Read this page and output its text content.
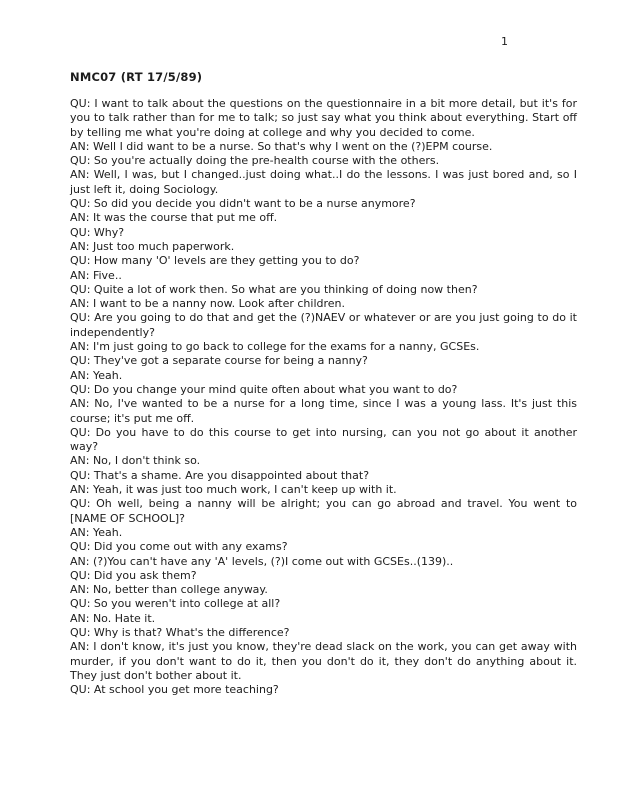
1
NMC07 (RT 17/5/89)

QU: I want to talk about the questions on the questionnaire in a bit more detail, but it's for you to talk rather than for me to talk; so just say what you think about everything. Start off by telling me what you're doing at college and why you decided to come.

AN: Well I did want to be a nurse. So that's why I went on the (?)EPM course.

QU: So you're actually doing the pre-health course with the others.

AN: Well, I was, but I changed..just doing what..I do the lessons. I was just bored and, so I just left it, doing Sociology.

QU: So did you decide you didn't want to be a nurse anymore?

AN: It was the course that put me off.

QU: Why?

AN: Just too much paperwork.

QU: How many 'O' levels are they getting you to do?

AN: Five..

QU: Quite a lot of work then. So what are you thinking of doing now then?

AN: I want to be a nanny now. Look after children.

QU: Are you going to do that and get the (?)NAEV or whatever or are you just going to do it independently?

AN: I'm just going to go back to college for the exams for a nanny, GCSEs.

QU: They've got a separate course for being a nanny?

AN: Yeah.

QU: Do you change your mind quite often about what you want to do?

AN: No, I've wanted to be a nurse for a long time, since I was a young lass. It's just this course; it's put me off.

QU: Do you have to do this course to get into nursing, can you not go about it another way?

AN: No, I don't think so.

QU: That's a shame. Are you disappointed about that?

AN: Yeah, it was just too much work, I can't keep up with it.

QU: Oh well, being a nanny will be alright; you can go abroad and travel. You went to [NAME OF SCHOOL]?

AN: Yeah.

QU: Did you come out with any exams?

AN: (?)You can't have any 'A' levels, (?)I come out with GCSEs..(139)..

QU: Did you ask them?

AN: No, better than college anyway.

QU: So you weren't into college at all?

AN: No. Hate it.

QU: Why is that? What's the difference?

AN: I don't know, it's just you know, they're dead slack on the work, you can get away with murder, if you don't want to do it, then you don't do it, they don't do anything about it. They just don't bother about it.

QU: At school you get more teaching?
